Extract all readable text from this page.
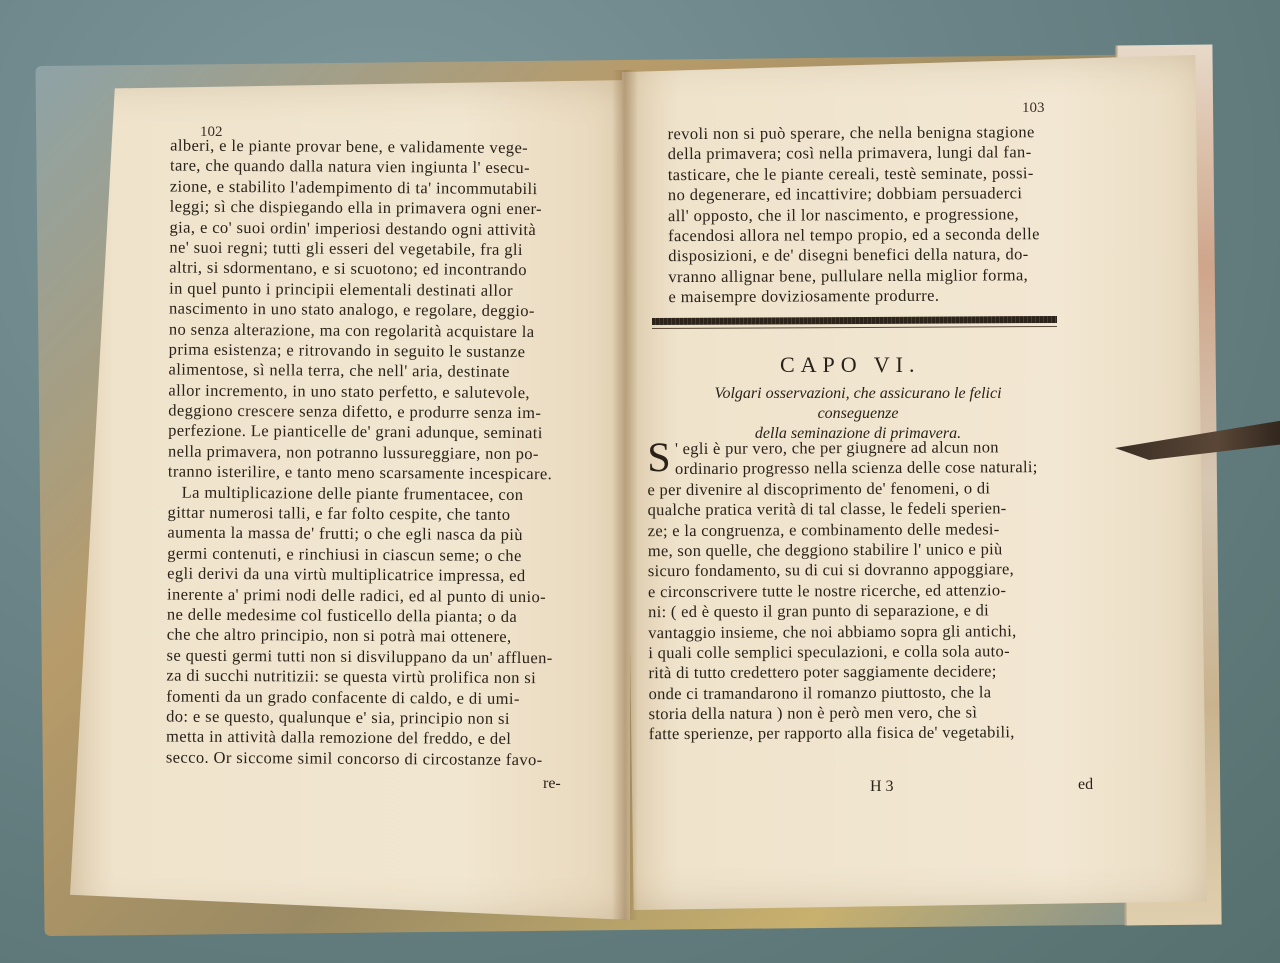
102
103
alberi, e le piante provar bene, e validamente vege-
tare, che quando dalla natura vien ingiunta l' esecu-
zione, e stabilito l'adempimento di ta' incommutabili
leggi; sì che dispiegando ella in primavera ogni ener-
gia, e co' suoi ordin' imperiosi destando ogni attività
ne' suoi regni; tutti gli esseri del vegetabile, fra gli
altri, si sdormentano, e si scuotono; ed incontrando
in quel punto i principii elementali destinati allor
nascimento in uno stato analogo, e regolare, deggio-
no senza alterazione, ma con regolarità acquistare la
prima esistenza; e ritrovando in seguito le sustanze
alimentose, sì nella terra, che nell' aria, destinate
allor incremento, in uno stato perfetto, e salutevole,
deggiono crescere senza difetto, e produrre senza im-
perfezione. Le pianticelle de' grani adunque, seminati
nella primavera, non potranno lussureggiare, non po-
tranno isterilire, e tanto meno scarsamente incespicare.
La multiplicazione delle piante frumentacee, con
gittar numerosi talli, e far folto cespite, che tanto
aumenta la massa de' frutti; o che egli nasca da più
germi contenuti, e rinchiusi in ciascun seme; o che
egli derivi da una virtù multiplicatrice impressa, ed
inerente a' primi nodi delle radici, ed al punto di unio-
ne delle medesime col fusticello della pianta; o da
che che altro principio, non si potrà mai ottenere,
se questi germi tutti non si disviluppano da un' affluen-
za di succhi nutritizii: se questa virtù prolifica non si
fomenti da un grado confacente di caldo, e di umi-
do: e se questo, qualunque e' sia, principio non si
metta in attività dalla remozione del freddo, e del
secco. Or siccome simil concorso di circostanze favo-
re-
revoli non si può sperare, che nella benigna stagione
della primavera; così nella primavera, lungi dal fan-
tasticare, che le piante cereali, testè seminate, possi-
no degenerare, ed incattivire; dobbiam persuaderci
all' opposto, che il lor nascimento, e progressione,
facendosi allora nel tempo propio, ed a seconda delle
disposizioni, e de' disegni benefici della natura, do-
vranno allignar bene, pullulare nella miglior forma,
e maisempre doviziosamente produrre.
CAPO VI.
Volgari osservazioni, che assicurano le felici conseguenze
della seminazione di primavera.
S ' egli è pur vero, che per giugnere ad alcun non
ordinario progresso nella scienza delle cose naturali;
e per divenire al discoprimento de' fenomeni, o di
qualche pratica verità di tal classe, le fedeli sperien-
ze; e la congruenza, e combinamento delle medesi-
me, son quelle, che deggiono stabilire l' unico e più
sicuro fondamento, su di cui si dovranno appoggiare,
e circonscrivere tutte le nostre ricerche, ed attenzio-
ni: ( ed è questo il gran punto di separazione, e di
vantaggio insieme, che noi abbiamo sopra gli antichi,
i quali colle semplici speculazioni, e colla sola auto-
rità di tutto credettero poter saggiamente decidere;
onde ci tramandarono il romanzo piuttosto, che la
storia della natura ) non è però men vero, che sì
fatte sperienze, per rapporto alla fisica de' vegetabili,
H 3	ed
